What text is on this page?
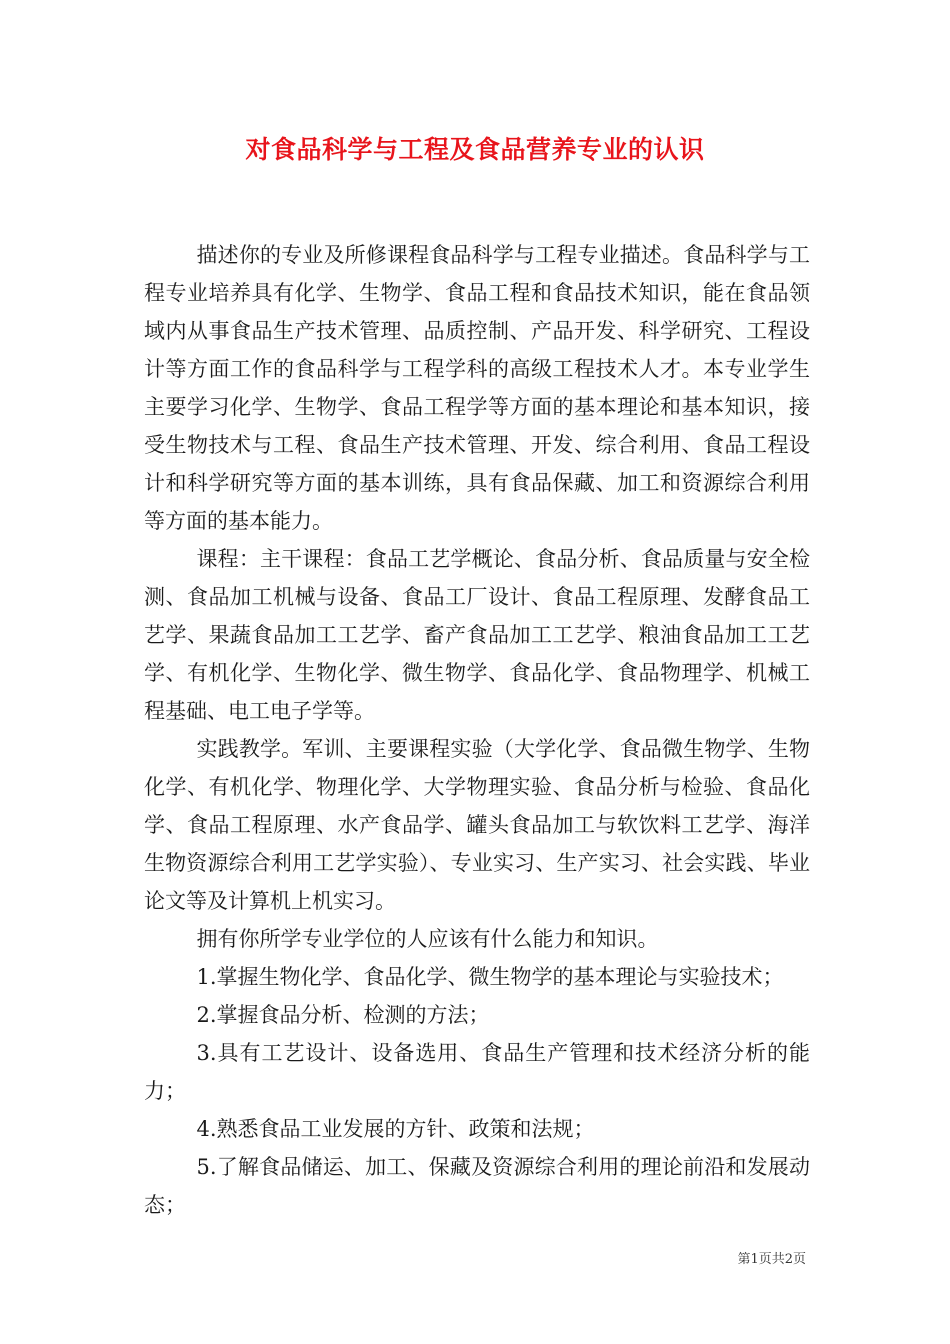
对食品科学与工程及食品营养专业的认识

描述你的专业及所修课程食品科学与工程专业描述。食品科学与工程专业培养具有化学、生物学、食品工程和食品技术知识，能在食品领域内从事食品生产技术管理、品质控制、产品开发、科学研究、工程设计等方面工作的食品科学与工程学科的高级工程技术人才。本专业学生主要学习化学、生物学、食品工程学等方面的基本理论和基本知识，接受生物技术与工程、食品生产技术管理、开发、综合利用、食品工程设计和科学研究等方面的基本训练，具有食品保藏、加工和资源综合利用等方面的基本能力。

课程：主干课程：食品工艺学概论、食品分析、食品质量与安全检测、食品加工机械与设备、食品工厂设计、食品工程原理、发酵食品工艺学、果蔬食品加工工艺学、畜产食品加工工艺学、粮油食品加工工艺学、有机化学、生物化学、微生物学、食品化学、食品物理学、机械工程基础、电工电子学等。

实践教学。军训、主要课程实验（大学化学、食品微生物学、生物化学、有机化学、物理化学、大学物理实验、食品分析与检验、食品化学、食品工程原理、水产食品学、罐头食品加工与软饮料工艺学、海洋生物资源综合利用工艺学实验）、专业实习、生产实习、社会实践、毕业论文等及计算机上机实习。

拥有你所学专业学位的人应该有什么能力和知识。

1.掌握生物化学、食品化学、微生物学的基本理论与实验技术；

2.掌握食品分析、检测的方法；

3.具有工艺设计、设备选用、食品生产管理和技术经济分析的能力；

4.熟悉食品工业发展的方针、政策和法规；

5.了解食品储运、加工、保藏及资源综合利用的理论前沿和发展动态；

第1页共2页
